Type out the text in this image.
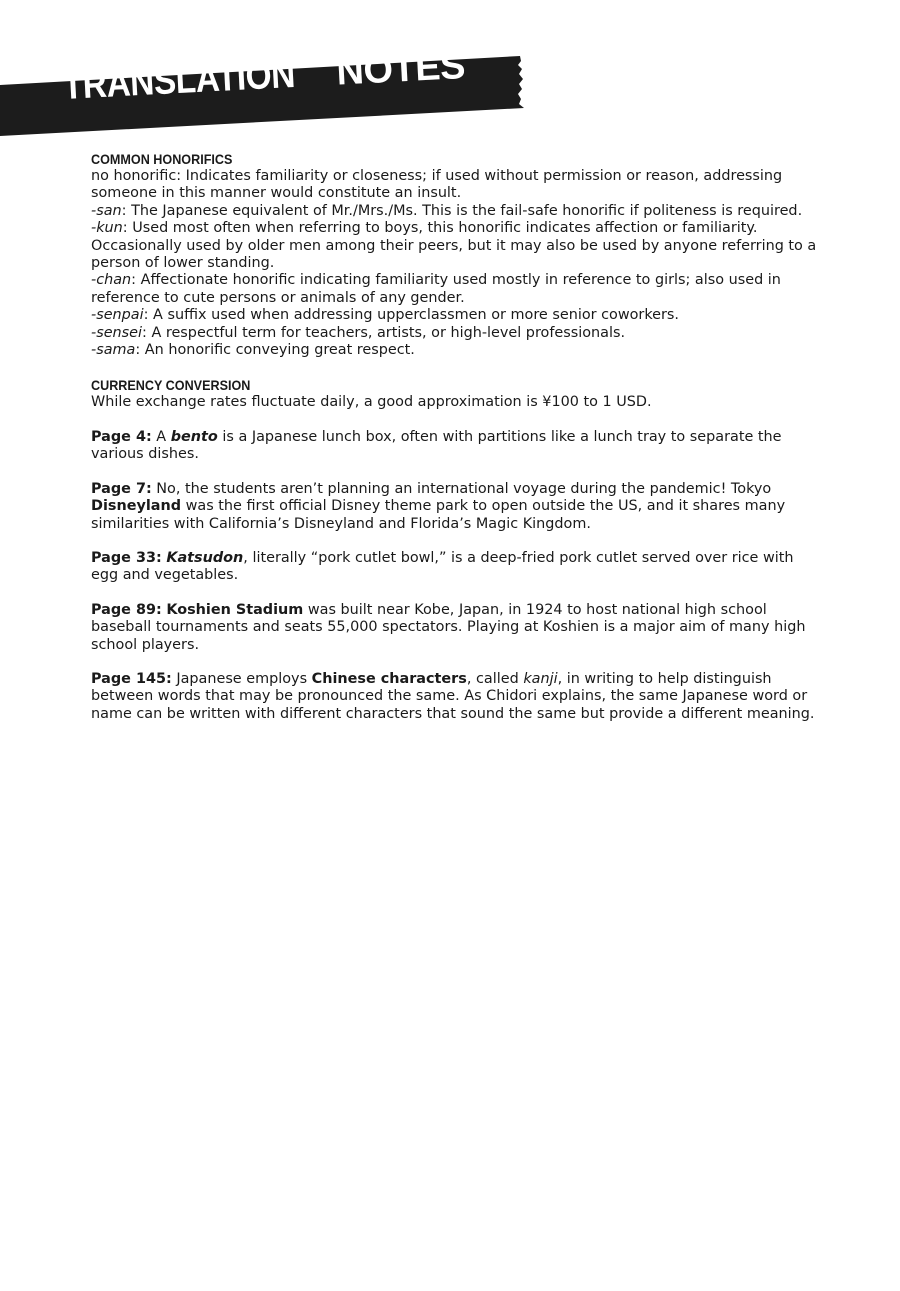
TRANSLATION NOTES

COMMON HONORIFICS

no honorific: Indicates familiarity or closeness; if used without permission or reason, addressing someone in this manner would constitute an insult.

-san: The Japanese equivalent of Mr./Mrs./Ms. This is the fail-safe honorific if politeness is required.

-kun: Used most often when referring to boys, this honorific indicates affection or familiarity. Occasionally used by older men among their peers, but it may also be used by anyone referring to a person of lower standing.

-chan: Affectionate honorific indicating familiarity used mostly in reference to girls; also used in reference to cute persons or animals of any gender.

-senpai: A suffix used when addressing upperclassmen or more senior coworkers.

-sensei: A respectful term for teachers, artists, or high-level professionals.

-sama: An honorific conveying great respect.

CURRENCY CONVERSION

While exchange rates fluctuate daily, a good approximation is ¥100 to 1 USD.

Page 4: A bento is a Japanese lunch box, often with partitions like a lunch tray to separate the various dishes.

Page 7: No, the students aren’t planning an international voyage during the pandemic! Tokyo Disneyland was the first official Disney theme park to open outside the US, and it shares many similarities with California’s Disneyland and Florida’s Magic Kingdom.

Page 33: Katsudon, literally “pork cutlet bowl,” is a deep-fried pork cutlet served over rice with egg and vegetables.

Page 89: Koshien Stadium was built near Kobe, Japan, in 1924 to host national high school baseball tournaments and seats 55,000 spectators. Playing at Koshien is a major aim of many high school players.

Page 145: Japanese employs Chinese characters, called kanji, in writing to help distinguish between words that may be pronounced the same. As Chidori explains, the same Japanese word or name can be written with different characters that sound the same but provide a different meaning.
